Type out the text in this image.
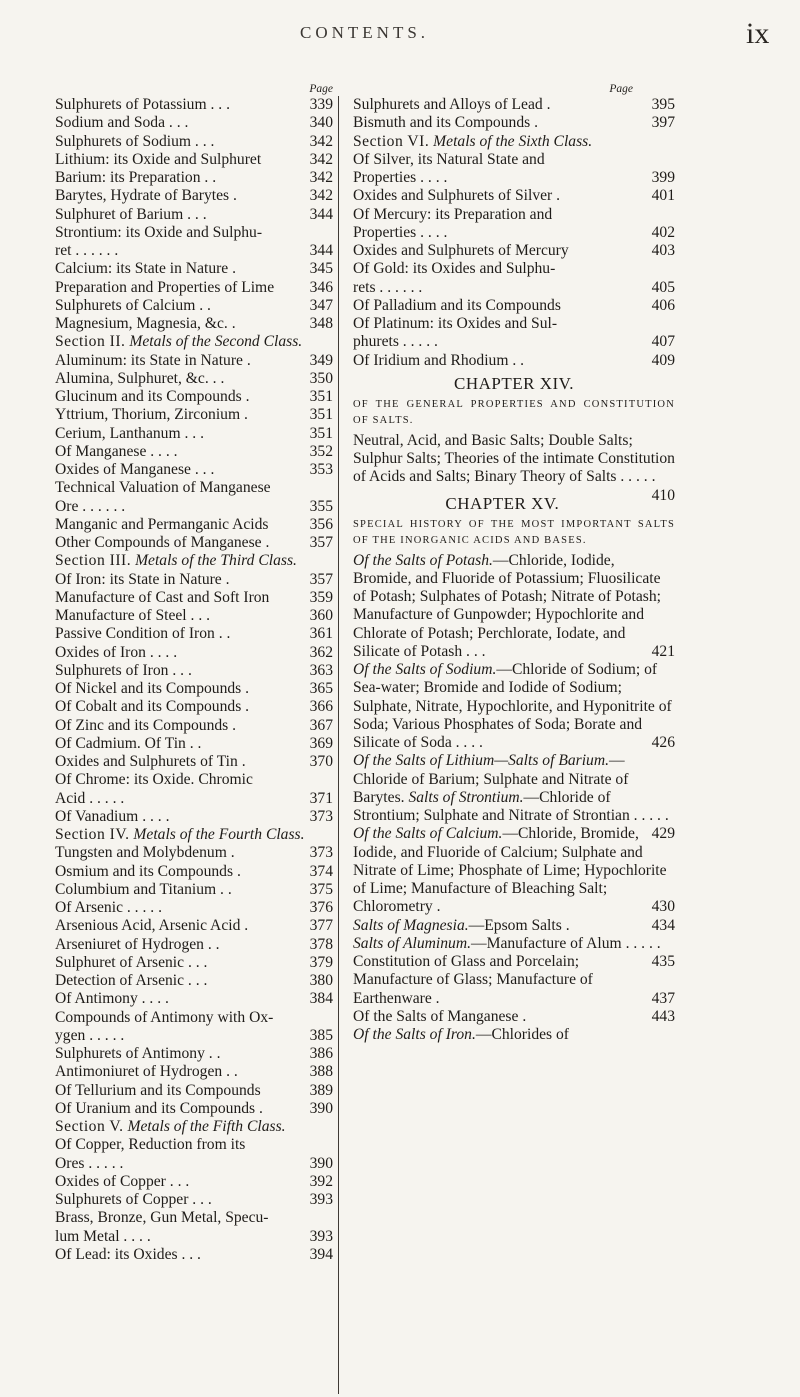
CONTENTS.	ix
Page
Sulphurets of Potassium . . .	339
Sodium and Soda . . .	340
Sulphurets of Sodium . . .	342
Lithium: its Oxide and Sulphuret	342
Barium: its Preparation . .	342
Barytes, Hydrate of Barytes .	342
Sulphuret of Barium . . .	344
Strontium: its Oxide and Sulphu-
ret . . . . . .	344
Calcium: its State in Nature .	345
Preparation and Properties of Lime 346
Sulphurets of Calcium . .	347
Magnesium, Magnesia, &c. .	348
Section II. Metals of the Second Class.
Aluminum: its State in Nature .	349
Alumina, Sulphuret, &c. . .	350
Glucinum and its Compounds .	351
Yttrium, Thorium, Zirconium .	351
Cerium, Lanthanum . . .	351
Of Manganese . . . .	352
Oxides of Manganese . . .	353
Technical Valuation of Manganese
Ore . . . . . .	355
Manganic and Permanganic Acids	356
Other Compounds of Manganese .	357
Section III. Metals of the Third Class.
Of Iron: its State in Nature .	357
Manufacture of Cast and Soft Iron	359
Manufacture of Steel . . .	360
Passive Condition of Iron . .	361
Oxides of Iron . . . .	362
Sulphurets of Iron . . .	363
Of Nickel and its Compounds .	365
Of Cobalt and its Compounds .	366
Of Zinc and its Compounds .	367
Of Cadmium. Of Tin . .	369
Oxides and Sulphurets of Tin .	370
Of Chrome: its Oxide. Chromic
Acid . . . . .	371
Of Vanadium . . . .	373
Section IV. Metals of the Fourth Class.
Tungsten and Molybdenum .	373
Osmium and its Compounds .	374
Columbium and Titanium . .	375
Of Arsenic . . . . .	376
Arsenious Acid, Arsenic Acid .	377
Arseniuret of Hydrogen . .	378
Sulphuret of Arsenic . . .	379
Detection of Arsenic . . .	380
Of Antimony . . . .	384
Compounds of Antimony with Ox-
ygen . . . . .	385
Sulphurets of Antimony . .	386
Antimoniuret of Hydrogen . .	388
Of Tellurium and its Compounds	389
Of Uranium and its Compounds .	390
Section V. Metals of the Fifth Class.
Of Copper, Reduction from its
Ores . . . . .	390
Oxides of Copper . . .	392
Sulphurets of Copper . . .	393
Brass, Bronze, Gun Metal, Specu-
lum Metal . . . .	393
Of Lead: its Oxides . . .	394
Page
Sulphurets and Alloys of Lead .	395
Bismuth and its Compounds .	397
Section VI. Metals of the Sixth Class.
Of Silver, its Natural State and
Properties . . . .	399
Oxides and Sulphurets of Silver .	401
Of Mercury: its Preparation and
Properties . . . .	402
Oxides and Sulphurets of Mercury	403
Of Gold: its Oxides and Sulphu-
rets . . . . . .	405
Of Palladium and its Compounds	406
Of Platinum: its Oxides and Sul-
phurets . . . . .	407
Of Iridium and Rhodium . .	409
CHAPTER XIV.
OF THE GENERAL PROPERTIES AND CONSTITUTION OF SALTS.
Neutral, Acid, and Basic Salts; Double Salts; Sulphur Salts; Theories of the intimate Constitution of Acids and Salts; Binary Theory of Salts . . . . .
410
CHAPTER XV.
SPECIAL HISTORY OF THE MOST IMPORTANT SALTS OF THE INORGANIC ACIDS AND BASES.
Of the Salts of Potash.—Chloride, Iodide, Bromide, and Fluoride of Potassium; Fluosilicate of Potash; Sulphates of Potash; Nitrate of Potash; Manufacture of Gunpowder; Hypochlorite and Chlorate of Potash; Perchlorate, Iodate, and Silicate of Potash . . .	421
Of the Salts of Sodium.—Chloride of Sodium; of Sea-water; Bromide and Iodide of Sodium; Sulphate, Nitrate, Hypochlorite, and Hyponitrite of Soda; Various Phosphates of Soda; Borate and Silicate of Soda . . . .	426
Of the Salts of Lithium—Salts of Barium.—Chloride of Barium; Sulphate and Nitrate of Barytes. Salts of Strontium.—Chloride of Strontium; Sulphate and Nitrate of Strontian . . . . .
429
Of the Salts of Calcium.—Chloride, Bromide, Iodide, and Fluoride of Calcium; Sulphate and Nitrate of Lime; Phosphate of Lime; Hypochlorite of Lime; Manufacture of Bleaching Salt; Chlorometry .	430
Salts of Magnesia.—Epsom Salts .	434
Salts of Aluminum.—Manufacture of Alum . . . . .
435
Constitution of Glass and Porcelain; Manufacture of Glass; Manufacture of Earthenware .	437
Of the Salts of Manganese .	443
Of the Salts of Iron.—Chlorides of
